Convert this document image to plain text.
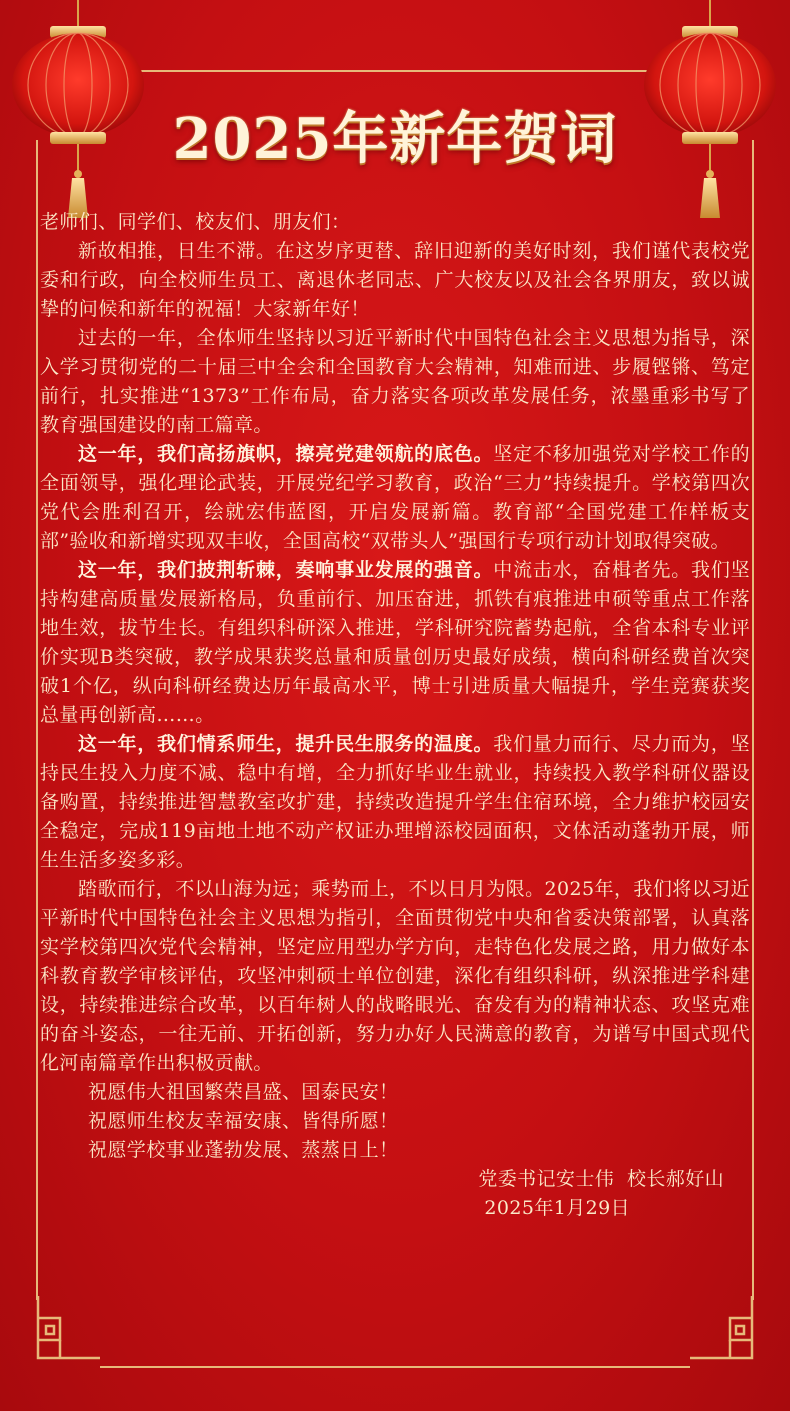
2025年新年贺词

老师们、同学们、校友们、朋友们：

新故相推，日生不滞。在这岁序更替、辞旧迎新的美好时刻，我们谨代表校党委和行政，向全校师生员工、离退休老同志、广大校友以及社会各界朋友，致以诚挚的问候和新年的祝福！大家新年好！

过去的一年，全体师生坚持以习近平新时代中国特色社会主义思想为指导，深入学习贯彻党的二十届三中全会和全国教育大会精神，知难而进、步履铿锵、笃定前行，扎实推进“1373”工作布局，奋力落实各项改革发展任务，浓墨重彩书写了教育强国建设的南工篇章。

这一年，我们高扬旗帜，擦亮党建领航的底色。坚定不移加强党对学校工作的全面领导，强化理论武装，开展党纪学习教育，政治“三力”持续提升。学校第四次党代会胜利召开，绘就宏伟蓝图，开启发展新篇。教育部“全国党建工作样板支部”验收和新增实现双丰收，全国高校“双带头人”强国行专项行动计划取得突破。

这一年，我们披荆斩棘，奏响事业发展的强音。中流击水，奋楫者先。我们坚持构建高质量发展新格局，负重前行、加压奋进，抓铁有痕推进申硕等重点工作落地生效，拔节生长。有组织科研深入推进，学科研究院蓄势起航，全省本科专业评价实现B类突破，教学成果获奖总量和质量创历史最好成绩，横向科研经费首次突破1个亿，纵向科研经费达历年最高水平，博士引进质量大幅提升，学生竞赛获奖总量再创新高……。

这一年，我们情系师生，提升民生服务的温度。我们量力而行、尽力而为，坚持民生投入力度不减、稳中有增，全力抓好毕业生就业，持续投入教学科研仪器设备购置，持续推进智慧教室改扩建，持续改造提升学生住宿环境，全力维护校园安全稳定，完成119亩地土地不动产权证办理增添校园面积，文体活动蓬勃开展，师生生活多姿多彩。

踏歌而行，不以山海为远；乘势而上，不以日月为限。2025年，我们将以习近平新时代中国特色社会主义思想为指引，全面贯彻党中央和省委决策部署，认真落实学校第四次党代会精神，坚定应用型办学方向，走特色化发展之路，用力做好本科教育教学审核评估，攻坚冲刺硕士单位创建，深化有组织科研，纵深推进学科建设，持续推进综合改革，以百年树人的战略眼光、奋发有为的精神状态、攻坚克难的奋斗姿态，一往无前、开拓创新，努力办好人民满意的教育，为谱写中国式现代化河南篇章作出积极贡献。

祝愿伟大祖国繁荣昌盛、国泰民安！

祝愿师生校友幸福安康、皆得所愿！

祝愿学校事业蓬勃发展、蒸蒸日上！

党委书记安士伟  校长郝好山

2025年1月29日
